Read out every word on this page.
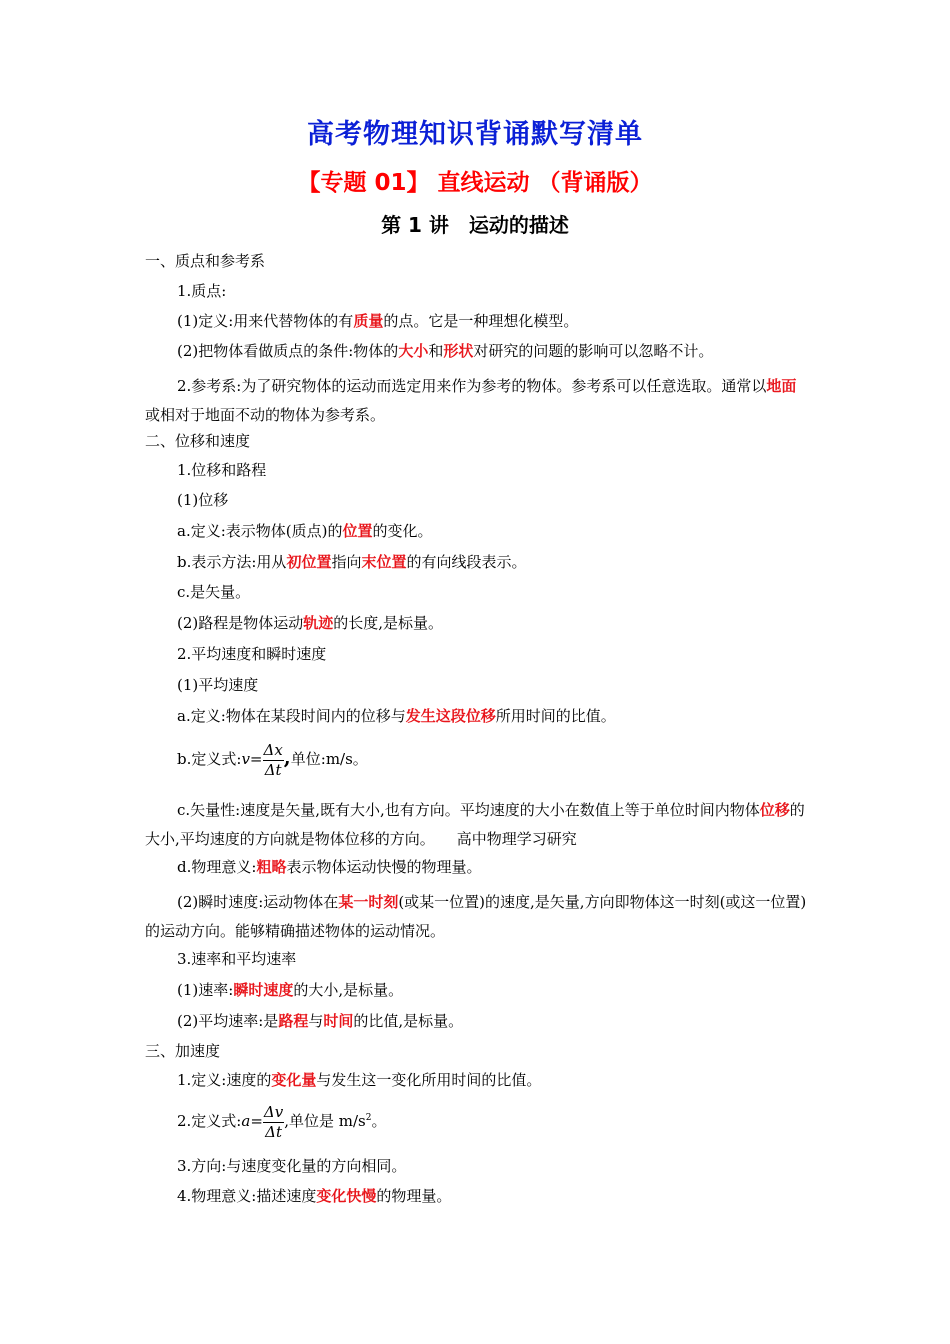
高考物理知识背诵默写清单
【专题 01】 直线运动 （背诵版）
第 1 讲　运动的描述
一、质点和参考系
1.质点:
(1)定义:用来代替物体的有质量的点。它是一种理想化模型。
(2)把物体看做质点的条件:物体的大小和形状对研究的问题的影响可以忽略不计。
2.参考系:为了研究物体的运动而选定用来作为参考的物体。参考系可以任意选取。通常以地面或相对于地面不动的物体为参考系。
二、位移和速度
1.位移和路程
(1)位移
a.定义:表示物体(质点)的位置的变化。
b.表示方法:用从初位置指向末位置的有向线段表示。
c.是矢量。
(2)路程是物体运动轨迹的长度,是标量。
2.平均速度和瞬时速度
(1)平均速度
a.定义:物体在某段时间内的位移与发生这段位移所用时间的比值。
b.定义式:v= $\frac{\Delta x}{\Delta t}$ ,单位:m/s。
c.矢量性:速度是矢量,既有大小,也有方向。平均速度的大小在数值上等于单位时间内物体位移的大小,平均速度的方向就是物体位移的方向。 高中物理学习研究
d.物理意义:粗略表示物体运动快慢的物理量。
(2)瞬时速度:运动物体在某一时刻(或某一位置)的速度,是矢量,方向即物体这一时刻(或这一位置)的运动方向。能够精确描述物体的运动情况。
3.速率和平均速率
(1)速率:瞬时速度的大小,是标量。
(2)平均速率:是路程与时间的比值,是标量。
三、加速度
1.定义:速度的变化量与发生这一变化所用时间的比值。
2.定义式:a= $\frac{\Delta v}{\Delta t}$ ,单位是 $m/s^2$。
3.方向:与速度变化量的方向相同。
4.物理意义:描述速度变化快慢的物理量。
